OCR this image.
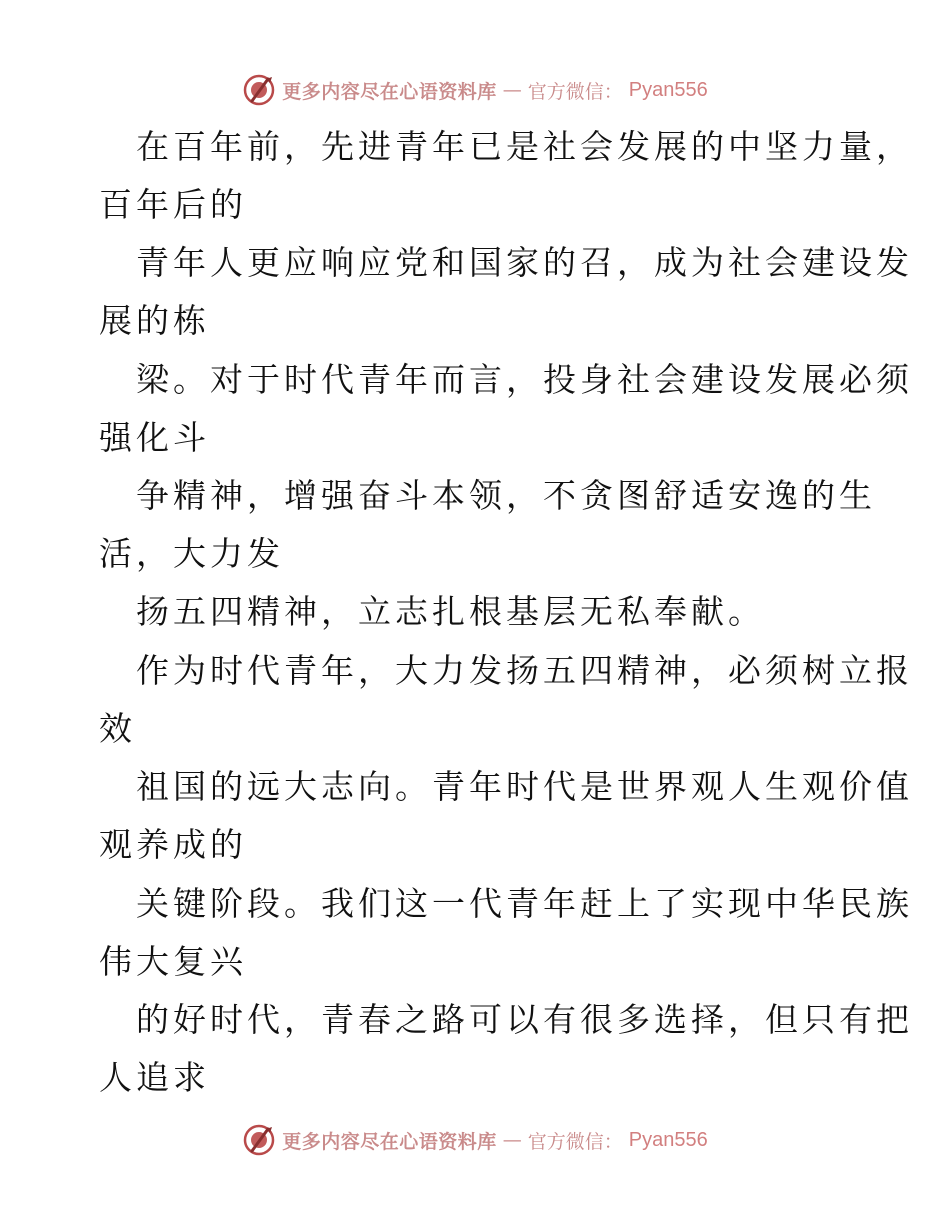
更多内容尽在心语资料库 — 官方微信： Pyan556
在百年前，先进青年已是社会发展的中坚力量，
百年后的
青年人更应响应党和国家的召，成为社会建设发
展的栋
梁。对于时代青年而言，投身社会建设发展必须
强化斗
争精神，增强奋斗本领，不贪图舒适安逸的生
活，大力发
扬五四精神，立志扎根基层无私奉献。
作为时代青年，大力发扬五四精神，必须树立报
效
祖国的远大志向。青年时代是世界观人生观价值
观养成的
关键阶段。我们这一代青年赶上了实现中华民族
伟大复兴
的好时代，青春之路可以有很多选择，但只有把
人追求
更多内容尽在心语资料库 — 官方微信： Pyan556
